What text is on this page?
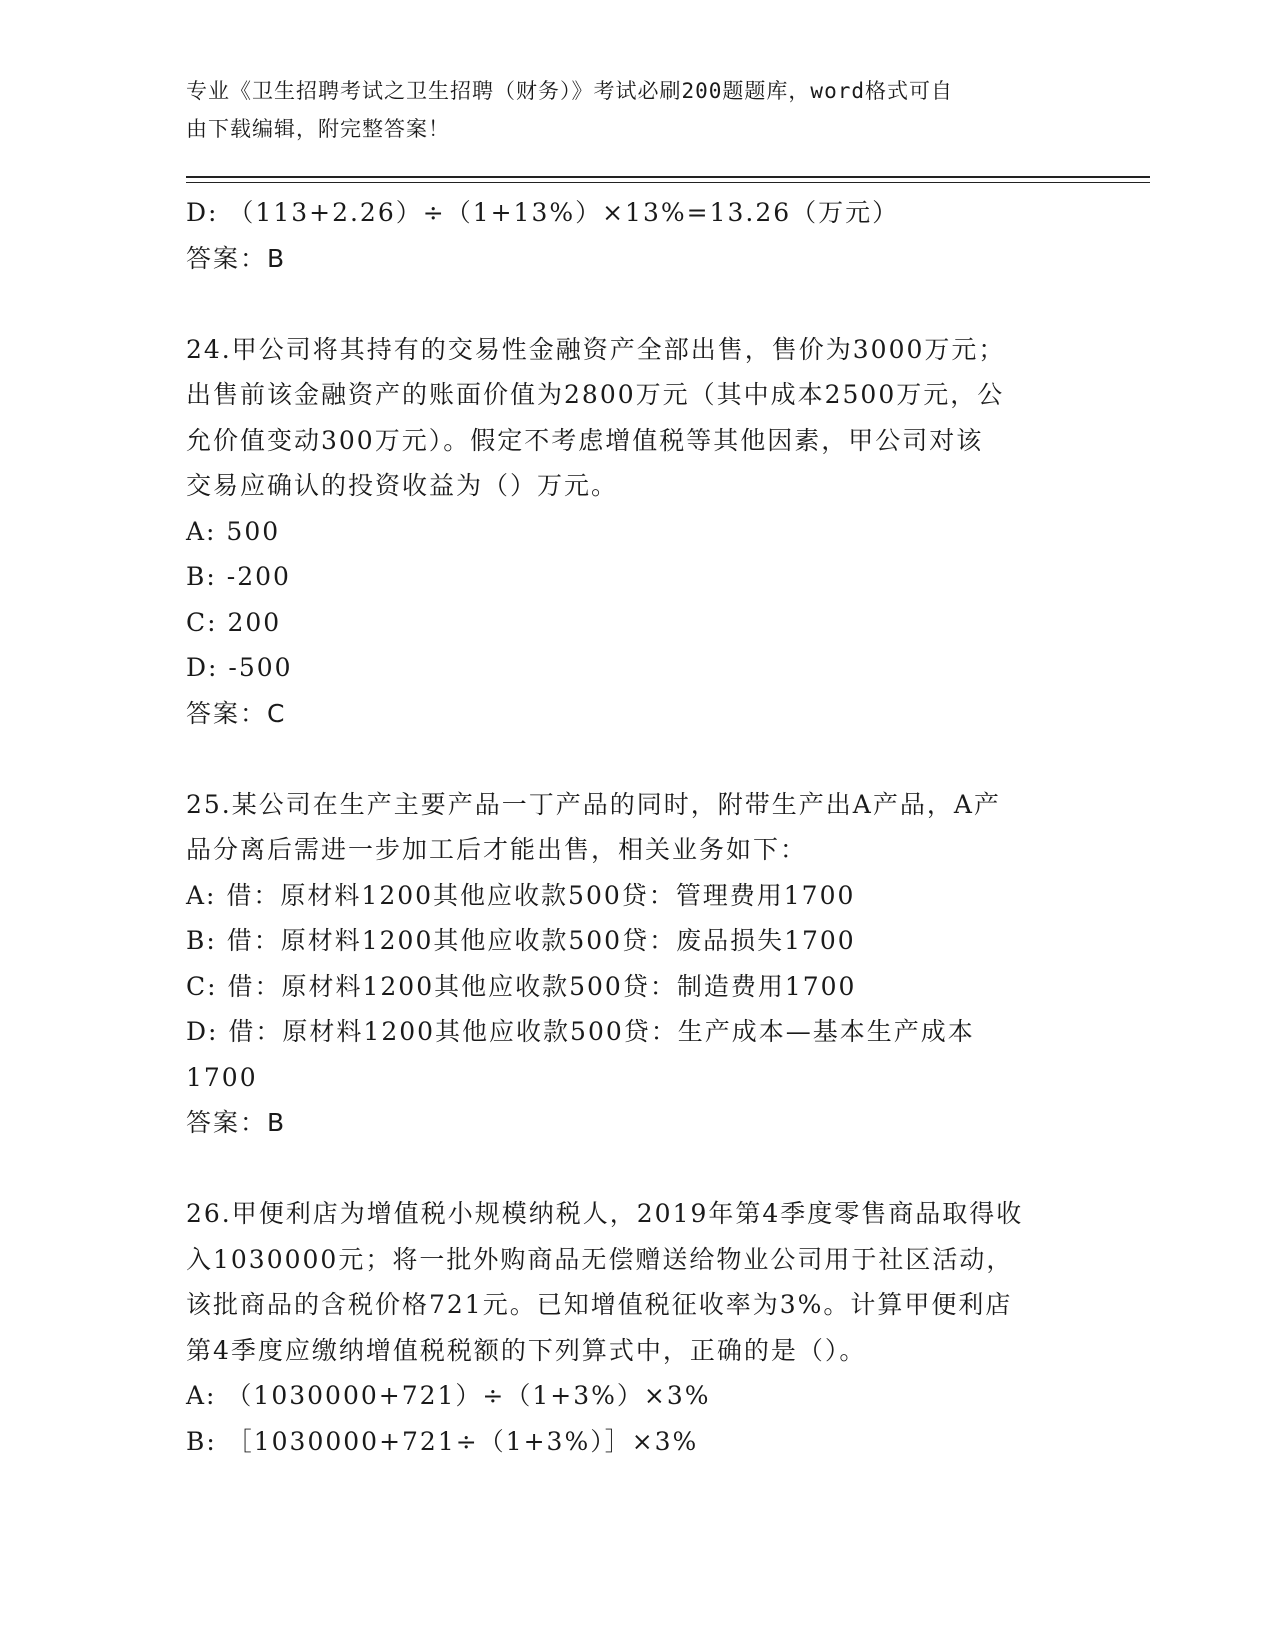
专业《卫生招聘考试之卫生招聘（财务）》考试必刷200题题库，word格式可自
由下载编辑，附完整答案！
D: （113+2.26）÷（1+13%）×13%=13.26（万元）
答案：B
24.甲公司将其持有的交易性金融资产全部出售，售价为3000万元；
出售前该金融资产的账面价值为2800万元（其中成本2500万元，公
允价值变动300万元）。假定不考虑增值税等其他因素，甲公司对该
交易应确认的投资收益为（）万元。
A: 500
B: -200
C: 200
D: -500
答案：C
25.某公司在生产主要产品一丁产品的同时，附带生产出A产品，A产
品分离后需进一步加工后才能出售，相关业务如下：
A: 借：原材料1200其他应收款500贷：管理费用1700
B: 借：原材料1200其他应收款500贷：废品损失1700
C: 借：原材料1200其他应收款500贷：制造费用1700
D: 借：原材料1200其他应收款500贷：生产成本—基本生产成本
1700
答案：B
26.甲便利店为增值税小规模纳税人，2019年第4季度零售商品取得收
入1030000元；将一批外购商品无偿赠送给物业公司用于社区活动，
该批商品的含税价格721元。已知增值税征收率为3%。计算甲便利店
第4季度应缴纳增值税税额的下列算式中，正确的是（）。
A: （1030000+721）÷（1+3%）×3%
B: ［1030000+721÷（1+3%）］×3%
